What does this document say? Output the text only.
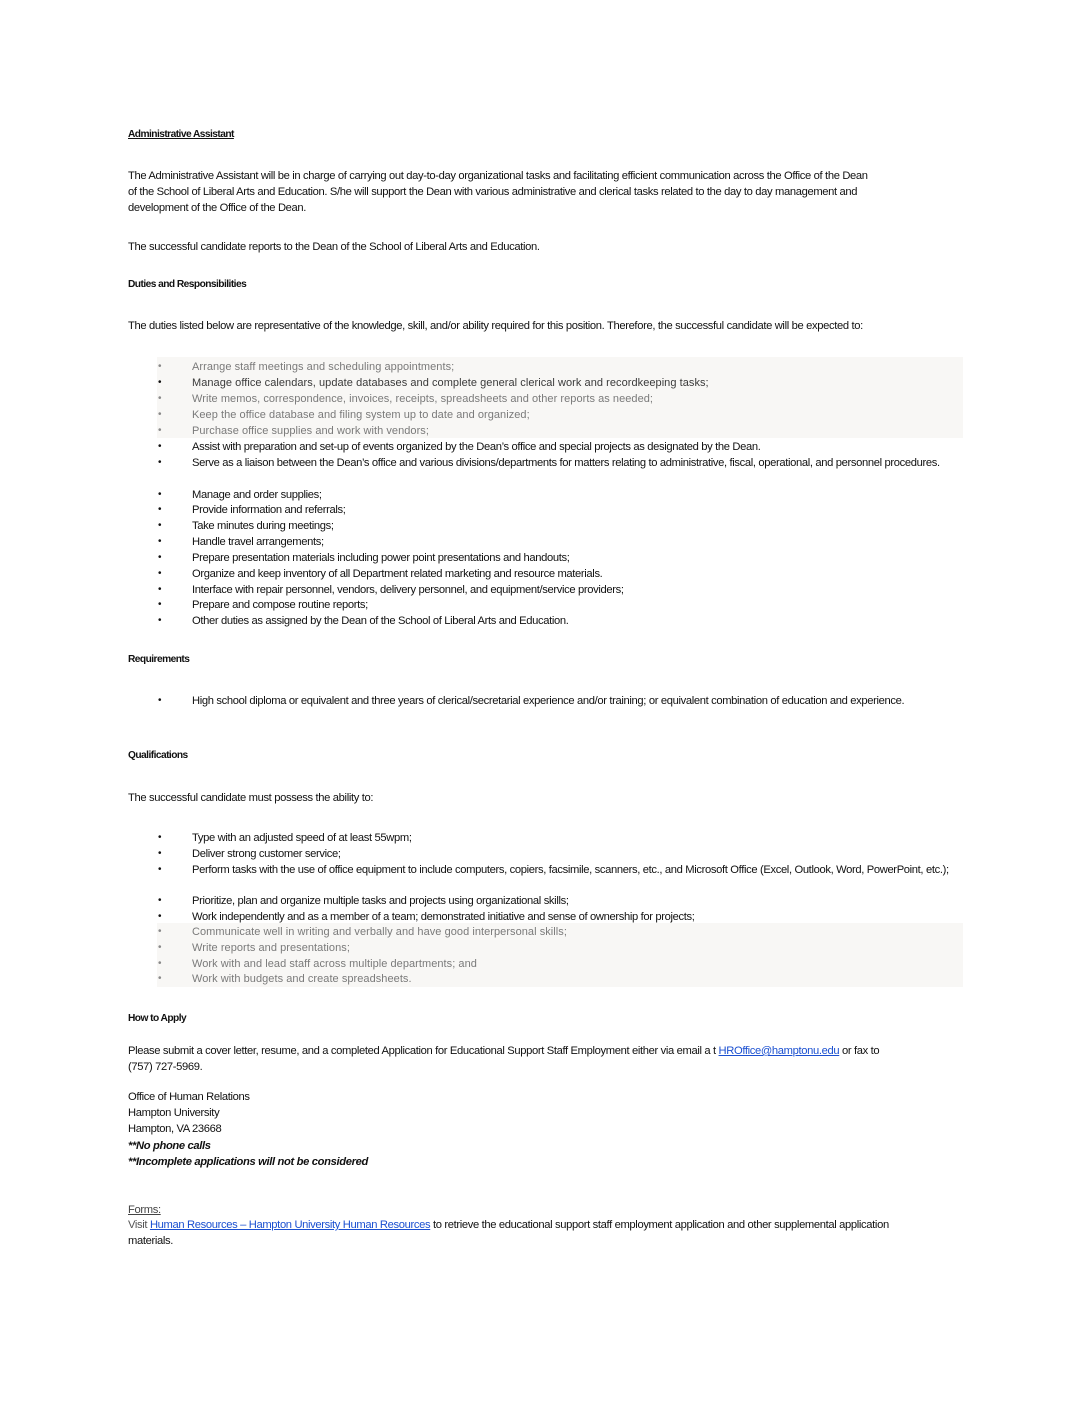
Administrative Assistant
The Administrative Assistant will be in charge of carrying out day-to-day organizational tasks and facilitating efficient communication across the Office of the Dean
of the School of Liberal Arts and Education. S/he will support the Dean with various administrative and clerical tasks related to the day to day management and
development of the Office of the Dean.
The successful candidate reports to the Dean of the School of Liberal Arts and Education.
Duties and Responsibilities
The duties listed below are representative of the knowledge, skill, and/or ability required for this position. Therefore, the successful candidate will be expected to:
•	Arrange staff meetings and scheduling appointments;
•	Manage office calendars, update databases and complete general clerical work and recordkeeping tasks;
•	Write memos, correspondence, invoices, receipts, spreadsheets and other reports as needed;
•	Keep the office database and filing system up to date and organized;
•	Purchase office supplies and work with vendors;
•	Assist with preparation and set-up of events organized by the Dean’s office and special projects as designated by the Dean.
•	Serve as a liaison between the Dean’s office and various divisions/departments for matters relating to administrative, fiscal, operational, and personnel procedures.
•	Manage and order supplies;
•	Provide information and referrals;
•	Take minutes during meetings;
•	Handle travel arrangements;
•	Prepare presentation materials including power point presentations and handouts;
•	Organize and keep inventory of all Department related marketing and resource materials.
•	Interface with repair personnel, vendors, delivery personnel, and equipment/service providers;
•	Prepare and compose routine reports;
•	Other duties as assigned by the Dean of the School of Liberal Arts and Education.
Requirements
•	High school diploma or equivalent and three years of clerical/secretarial experience and/or training; or equivalent combination of education and experience.
Qualifications
The successful candidate must possess the ability to:
•	Type with an adjusted speed of at least 55wpm;
•	Deliver strong customer service;
•	Perform tasks with the use of office equipment to include computers, copiers, facsimile, scanners, etc., and Microsoft Office (Excel, Outlook, Word, PowerPoint, etc.);
•	Prioritize, plan and organize multiple tasks and projects using organizational skills;
•	Work independently and as a member of a team; demonstrated initiative and sense of ownership for projects;
•	Communicate well in writing and verbally and have good interpersonal skills;
•	Write reports and presentations;
•	Work with and lead staff across multiple departments; and
•	Work with budgets and create spreadsheets.
How to Apply
Please submit a cover letter, resume, and a completed Application for Educational Support Staff Employment either via email a t HROffice@hamptonu.edu or fax to
(757) 727-5969.
Office of Human Relations
Hampton University
Hampton, VA 23668
**No phone calls
**Incomplete applications will not be considered
Forms:
Visit Human Resources – Hampton University Human Resources to retrieve the educational support staff employment application and other supplemental application
materials.
